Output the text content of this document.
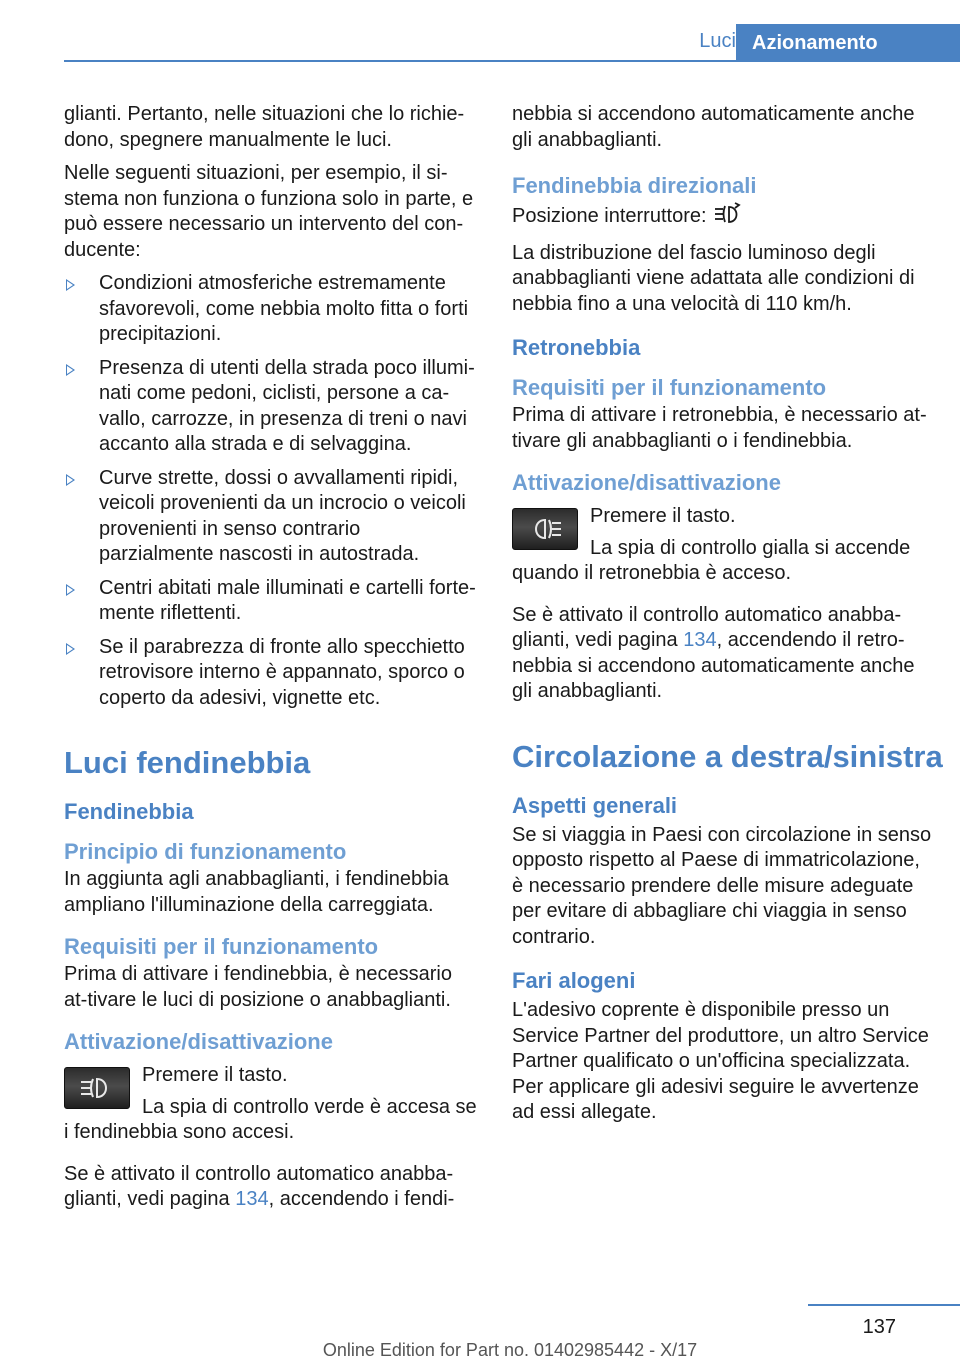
Luci Azionamento

glianti. Pertanto, nelle situazioni che lo richie-dono, spegnere manualmente le luci.

Nelle seguenti situazioni, per esempio, il si-stema non funziona o funziona solo in parte, e può essere necessario un intervento del con-ducente:

Condizioni atmosferiche estremamente sfavorevoli, come nebbia molto fitta o forti precipitazioni.
Presenza di utenti della strada poco illumi-nati come pedoni, ciclisti, persone a ca-vallo, carrozze, in presenza di treni o navi accanto alla strada e di selvaggina.
Curve strette, dossi o avvallamenti ripidi, veicoli provenienti da un incrocio o veicoli provenienti in senso contrario parzialmente nascosti in autostrada.
Centri abitati male illuminati e cartelli forte-mente riflettenti.
Se il parabrezza di fronte allo specchietto retrovisore interno è appannato, sporco o coperto da adesivi, vignette etc.
Luci fendinebbia
Fendinebbia
Principio di funzionamento

In aggiunta agli anabbaglianti, i fendinebbia ampliano l'illuminazione della carreggiata.

Requisiti per il funzionamento

Prima di attivare i fendinebbia, è necessario at-tivare le luci di posizione o anabbaglianti.

Attivazione/disattivazione

Premere il tasto.

La spia di controllo verde è accesa se i fendinebbia sono accesi.

Se è attivato il controllo automatico anabba-glianti, vedi pagina 134, accendendo i fendi-

nebbia si accendono automaticamente anche gli anabbaglianti.

Fendinebbia direzionali

Posizione interruttore:

La distribuzione del fascio luminoso degli anabbaglianti viene adattata alle condizioni di nebbia fino a una velocità di 110 km/h.

Retronebbia
Requisiti per il funzionamento

Prima di attivare i retronebbia, è necessario at-tivare gli anabbaglianti o i fendinebbia.

Attivazione/disattivazione

Premere il tasto.

La spia di controllo gialla si accende quando il retronebbia è acceso.

Se è attivato il controllo automatico anabba-glianti, vedi pagina 134, accendendo il retro-nebbia si accendono automaticamente anche gli anabbaglianti.

Circolazione a destra/sinistra
Aspetti generali

Se si viaggia in Paesi con circolazione in senso opposto rispetto al Paese di immatricolazione, è necessario prendere delle misure adeguate per evitare di abbagliare chi viaggia in senso contrario.

Fari alogeni

L'adesivo coprente è disponibile presso un Service Partner del produttore, un altro Service Partner qualificato o un'officina specializzata. Per applicare gli adesivi seguire le avvertenze ad essi allegate.

137
Online Edition for Part no. 01402985442 - X/17
